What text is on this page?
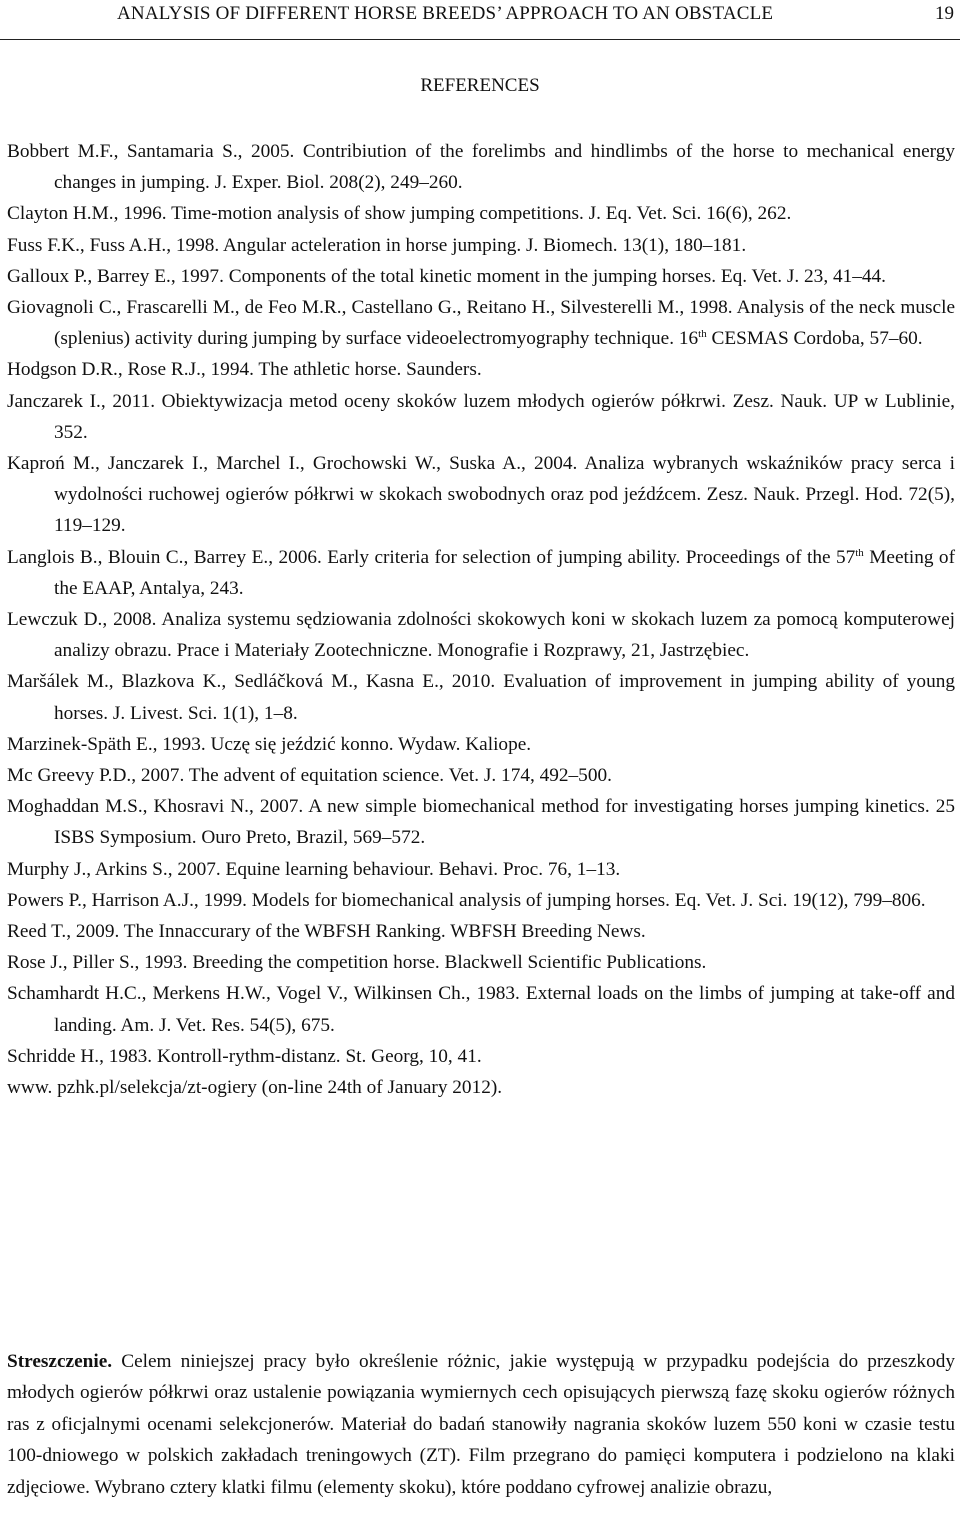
ANALYSIS OF DIFFERENT HORSE BREEDS’ APPROACH TO AN OBSTACLE	19
REFERENCES
Bobbert M.F., Santamaria S., 2005. Contribiution of the forelimbs and hindlimbs of the horse to mechanical energy changes in jumping. J. Exper. Biol. 208(2), 249–260.
Clayton H.M., 1996. Time-motion analysis of show jumping competitions. J. Eq. Vet. Sci. 16(6), 262.
Fuss F.K., Fuss A.H., 1998. Angular acteleration in horse jumping. J. Biomech. 13(1), 180–181.
Galloux P., Barrey E., 1997. Components of the total kinetic moment in the jumping horses. Eq. Vet. J. 23, 41–44.
Giovagnoli C., Frascarelli M., de Feo M.R., Castellano G., Reitano H., Silvesterelli M., 1998. Analysis of the neck muscle (splenius) activity during jumping by surface videoelectromyography technique. 16th CESMAS Cordoba, 57–60.
Hodgson D.R., Rose R.J., 1994. The athletic horse. Saunders.
Janczarek I., 2011. Obiektywizacja metod oceny skoków luzem młodych ogierów półkrwi. Zesz. Nauk. UP w Lublinie, 352.
Kaproń M., Janczarek I., Marchel I., Grochowski W., Suska A., 2004. Analiza wybranych wskaźników pracy serca i wydolności ruchowej ogierów półkrwi w skokach swobodnych oraz pod jeźdźcem. Zesz. Nauk. Przegl. Hod. 72(5), 119–129.
Langlois B., Blouin C., Barrey E., 2006. Early criteria for selection of jumping ability. Proceedings of the 57th Meeting of the EAAP, Antalya, 243.
Lewczuk D., 2008. Analiza systemu sędziowania zdolności skokowych koni w skokach luzem za pomocą komputerowej analizy obrazu. Prace i Materiały Zootechniczne. Monografie i Rozprawy, 21, Jastrzębiec.
Maršálek M., Blazkova K., Sedláčková M., Kasna E., 2010. Evaluation of improvement in jumping ability of young horses. J. Livest. Sci. 1(1), 1–8.
Marzinek-Späth E., 1993. Uczę się jeździć konno. Wydaw. Kaliope.
Mc Greevy P.D., 2007. The advent of equitation science. Vet. J. 174, 492–500.
Moghaddan M.S., Khosravi N., 2007. A new simple biomechanical method for investigating horses jumping kinetics. 25 ISBS Symposium. Ouro Preto, Brazil, 569–572.
Murphy J., Arkins S., 2007. Equine learning behaviour. Behavi. Proc. 76, 1–13.
Powers P., Harrison A.J., 1999. Models for biomechanical analysis of jumping horses. Eq. Vet. J. Sci. 19(12), 799–806.
Reed T., 2009. The Innaccurary of the WBFSH Ranking. WBFSH Breeding News.
Rose J., Piller S., 1993. Breeding the competition horse. Blackwell Scientific Publications.
Schamhardt H.C., Merkens H.W., Vogel V., Wilkinsen Ch., 1983. External loads on the limbs of jumping at take-off and landing. Am. J. Vet. Res. 54(5), 675.
Schridde H., 1983. Kontroll-rythm-distanz. St. Georg, 10, 41.
www. pzhk.pl/selekcja/zt-ogiery (on-line 24th of January 2012).

Streszczenie. Celem niniejszej pracy było określenie różnic, jakie występują w przypadku podejścia do przeszkody młodych ogierów półkrwi oraz ustalenie powiązania wymiernych cech opisujących pierwszą fazę skoku ogierów różnych ras z oficjalnymi ocenami selekcjonerów. Materiał do badań stanowiły nagrania skoków luzem 550 koni w czasie testu 100-dniowego w polskich zakładach treningowych (ZT). Film przegrano do pamięci komputera i podzielono na klaki zdjęciowe. Wybrano cztery klatki filmu (elementy skoku), które poddano cyfrowej analizie obrazu,
